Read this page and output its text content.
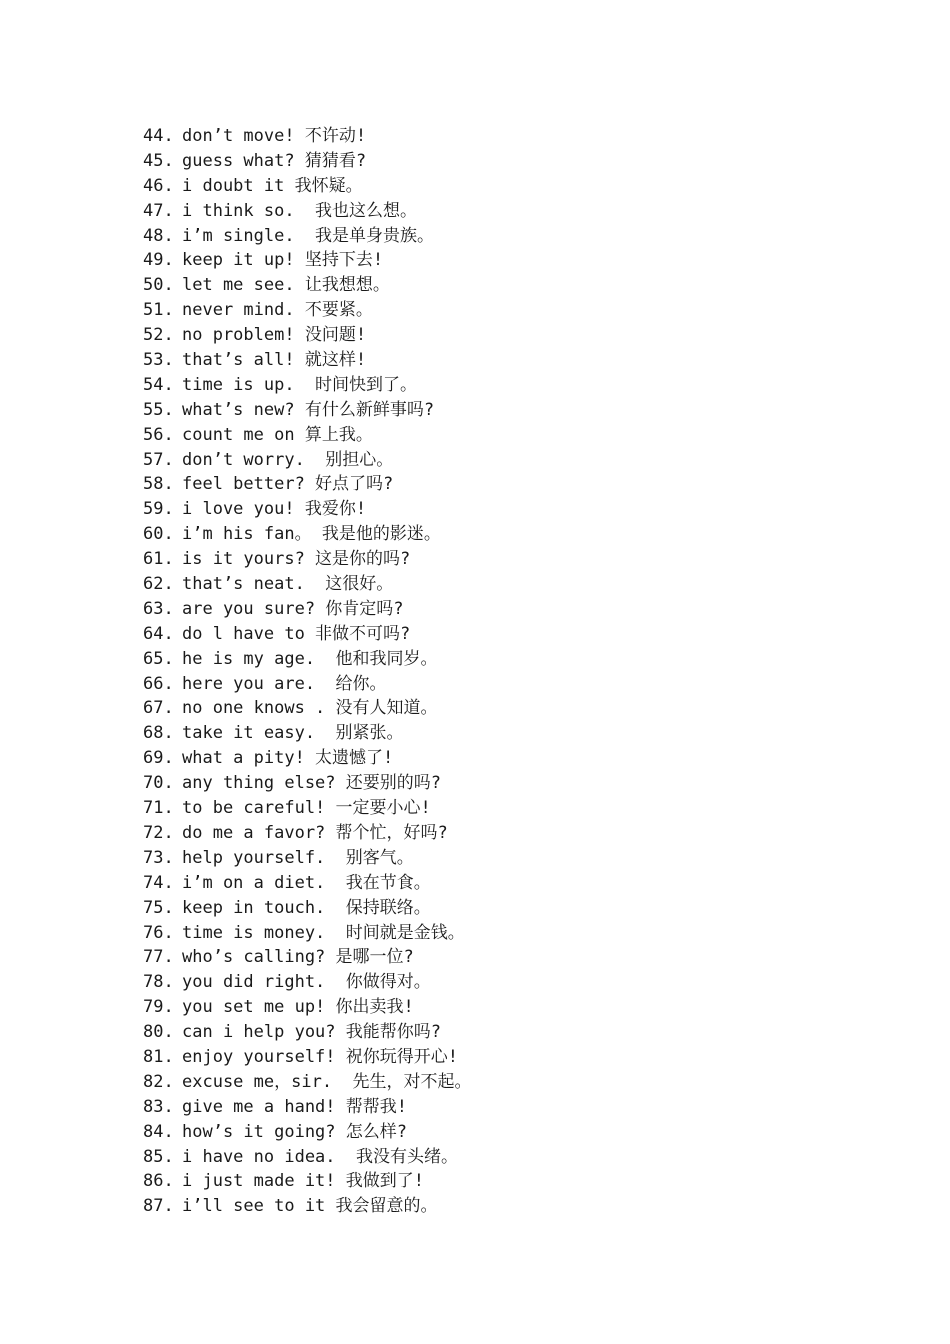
44. don’t move! 不许动!
45. guess what? 猜猜看?
46. i doubt it 我怀疑。
47. i think so.  我也这么想。
48. i’m single.  我是单身贵族。
49. keep it up! 坚持下去!
50. let me see. 让我想想。
51. never mind. 不要紧。
52. no problem! 没问题!
53. that’s all! 就这样!
54. time is up.  时间快到了。
55. what’s new? 有什么新鲜事吗?
56. count me on 算上我。
57. don’t worry.  别担心。
58. feel better? 好点了吗?
59. i love you! 我爱你!
60. i’m his fan。 我是他的影迷。
61. is it yours? 这是你的吗?
62. that’s neat.  这很好。
63. are you sure? 你肯定吗?
64. do l have to 非做不可吗?
65. he is my age.  他和我同岁。
66. here you are.  给你。
67. no one knows . 没有人知道。
68. take it easy.  别紧张。
69. what a pity! 太遗憾了!
70. any thing else? 还要别的吗?
71. to be careful! 一定要小心!
72. do me a favor? 帮个忙，好吗?
73. help yourself.  别客气。
74. i’m on a diet.  我在节食。
75. keep in touch.  保持联络。
76. time is money.  时间就是金钱。
77. who’s calling? 是哪一位?
78. you did right.  你做得对。
79. you set me up! 你出卖我!
80. can i help you? 我能帮你吗?
81. enjoy yourself! 祝你玩得开心!
82. excuse me，sir.  先生，对不起。
83. give me a hand! 帮帮我!
84. how’s it going? 怎么样?
85. i have no idea.  我没有头绪。
86. i just made it! 我做到了!
87. i’ll see to it 我会留意的。
